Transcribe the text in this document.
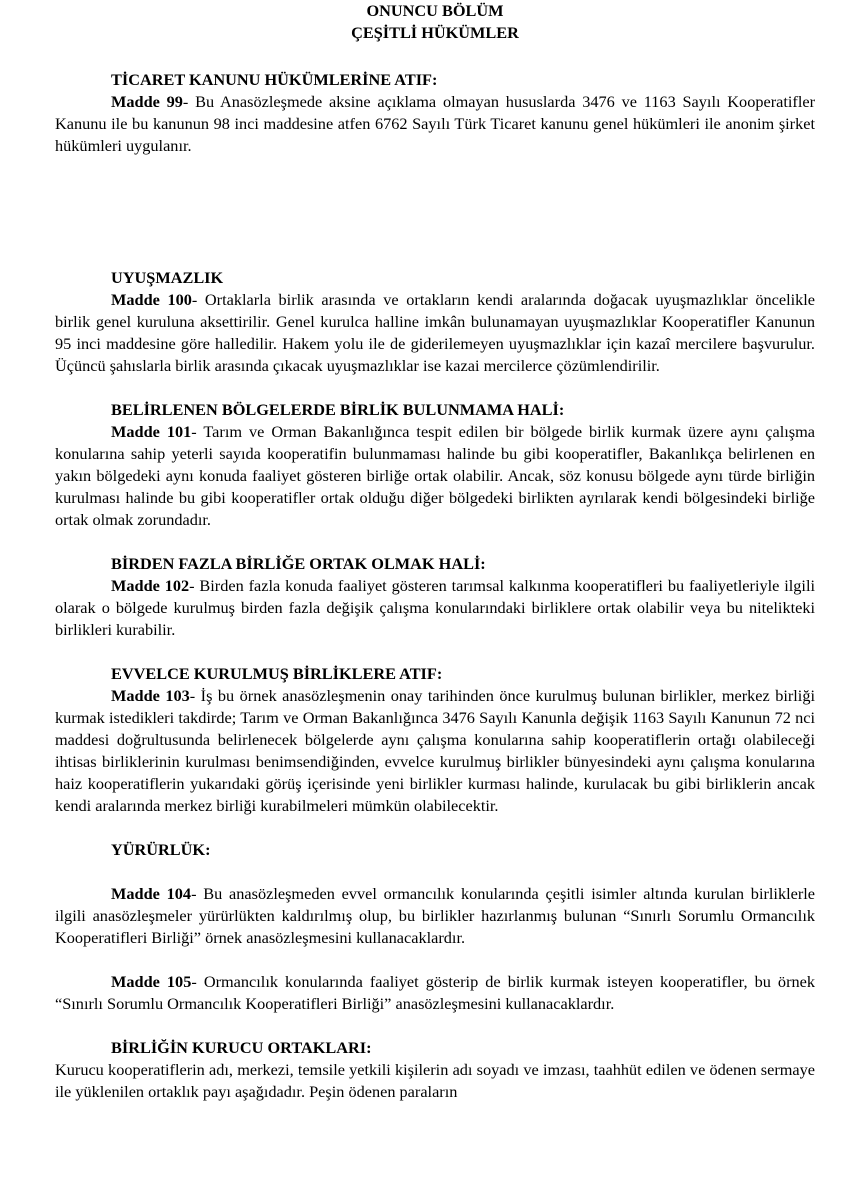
ONUNCU BÖLÜM
ÇEŞİTLİ HÜKÜMLER
TİCARET KANUNU HÜKÜMLERİNE ATIF:
Madde 99- Bu Anasözleşmede aksine açıklama olmayan hususlarda 3476 ve 1163 Sayılı Kooperatifler Kanunu ile bu kanunun 98 inci maddesine atfen 6762 Sayılı Türk Ticaret kanunu genel hükümleri ile anonim şirket hükümleri uygulanır.
UYUŞMAZLIK
Madde 100- Ortaklarla birlik arasında ve ortakların kendi aralarında doğacak uyuşmazlıklar öncelikle birlik genel kuruluna aksettirilir. Genel kurulca halline imkân bulunamayan uyuşmazlıklar Kooperatifler Kanunun 95 inci maddesine göre halledilir. Hakem yolu ile de giderilemeyen uyuşmazlıklar için kazaî mercilere başvurulur. Üçüncü şahıslarla birlik arasında çıkacak uyuşmazlıklar ise kazai mercilerce çözümlendirilir.
BELİRLENEN BÖLGELERDE BİRLİK BULUNMAMA HALİ:
Madde 101- Tarım ve Orman Bakanlığınca tespit edilen bir bölgede birlik kurmak üzere aynı çalışma konularına sahip yeterli sayıda kooperatifin bulunmaması halinde bu gibi kooperatifler, Bakanlıkça belirlenen en yakın bölgedeki aynı konuda faaliyet gösteren birliğe ortak olabilir. Ancak, söz konusu bölgede aynı türde birliğin kurulması halinde bu gibi kooperatifler ortak olduğu diğer bölgedeki birlikten ayrılarak kendi bölgesindeki birliğe ortak olmak zorundadır.
BİRDEN FAZLA BİRLİĞE ORTAK OLMAK HALİ:
Madde 102- Birden fazla konuda faaliyet gösteren tarımsal kalkınma kooperatifleri bu faaliyetleriyle ilgili olarak o bölgede kurulmuş birden fazla değişik çalışma konularındaki birliklere ortak olabilir veya bu nitelikteki birlikleri kurabilir.
EVVELCE KURULMUŞ BİRLİKLERE ATIF:
Madde 103- İş bu örnek anasözleşmenin onay tarihinden önce kurulmuş bulunan birlikler, merkez birliği kurmak istedikleri takdirde; Tarım ve Orman Bakanlığınca 3476 Sayılı Kanunla değişik 1163 Sayılı Kanunun 72 nci maddesi doğrultusunda belirlenecek bölgelerde aynı çalışma konularına sahip kooperatiflerin ortağı olabileceği ihtisas birliklerinin kurulması benimsendiğinden, evvelce kurulmuş birlikler bünyesindeki aynı çalışma konularına haiz kooperatiflerin yukarıdaki görüş içerisinde yeni birlikler kurması halinde, kurulacak bu gibi birliklerin ancak kendi aralarında merkez birliği kurabilmeleri mümkün olabilecektir.
YÜRÜRLÜK:
Madde 104- Bu anasözleşmeden evvel ormancılık konularında çeşitli isimler altında kurulan birliklerle ilgili anasözleşmeler yürürlükten kaldırılmış olup, bu birlikler hazırlanmış bulunan “Sınırlı Sorumlu Ormancılık Kooperatifleri Birliği” örnek anasözleşmesini kullanacaklardır.
Madde 105- Ormancılık konularında faaliyet gösterip de birlik kurmak isteyen kooperatifler, bu örnek “Sınırlı Sorumlu Ormancılık Kooperatifleri Birliği” anasözleşmesini kullanacaklardır.
BİRLİĞİN KURUCU ORTAKLARI:
Kurucu kooperatiflerin adı, merkezi, temsile yetkili kişilerin adı soyadı ve imzası, taahhüt edilen ve ödenen sermaye ile yüklenilen ortaklık payı aşağıdadır. Peşin ödenen paraların
